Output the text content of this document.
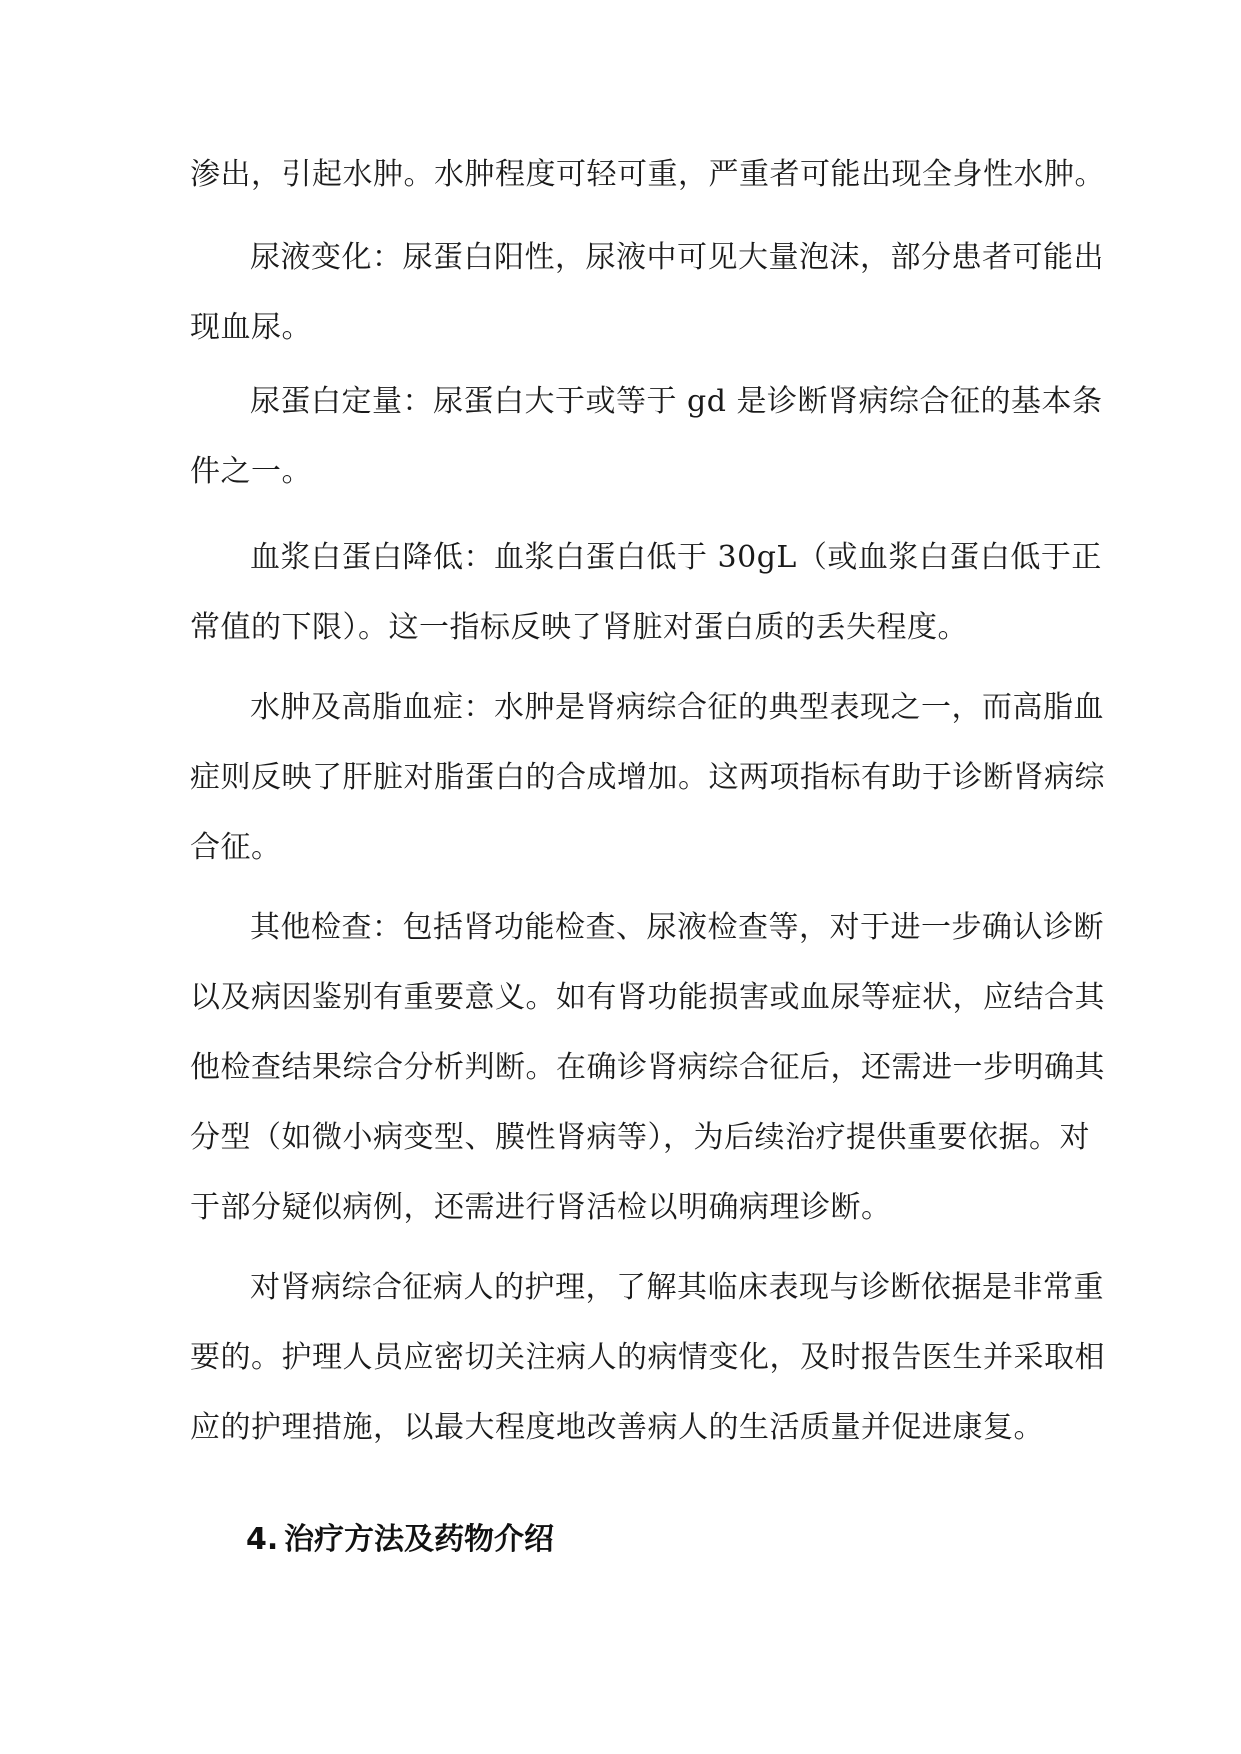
渗出，引起水肿。水肿程度可轻可重，严重者可能出现全身性水肿。
尿液变化：尿蛋白阳性，尿液中可见大量泡沫，部分患者可能出
现血尿。
尿蛋白定量：尿蛋白大于或等于 gd 是诊断肾病综合征的基本条
件之一。
血浆白蛋白降低：血浆白蛋白低于 30gL（或血浆白蛋白低于正
常值的下限）。这一指标反映了肾脏对蛋白质的丢失程度。
水肿及高脂血症：水肿是肾病综合征的典型表现之一，而高脂血
症则反映了肝脏对脂蛋白的合成增加。这两项指标有助于诊断肾病综
合征。
其他检查：包括肾功能检查、尿液检查等，对于进一步确认诊断
以及病因鉴别有重要意义。如有肾功能损害或血尿等症状，应结合其
他检查结果综合分析判断。在确诊肾病综合征后，还需进一步明确其
分型（如微小病变型、膜性肾病等），为后续治疗提供重要依据。对
于部分疑似病例，还需进行肾活检以明确病理诊断。
对肾病综合征病人的护理，了解其临床表现与诊断依据是非常重
要的。护理人员应密切关注病人的病情变化，及时报告医生并采取相
应的护理措施，以最大程度地改善病人的生活质量并促进康复。
4. 治疗方法及药物介绍
